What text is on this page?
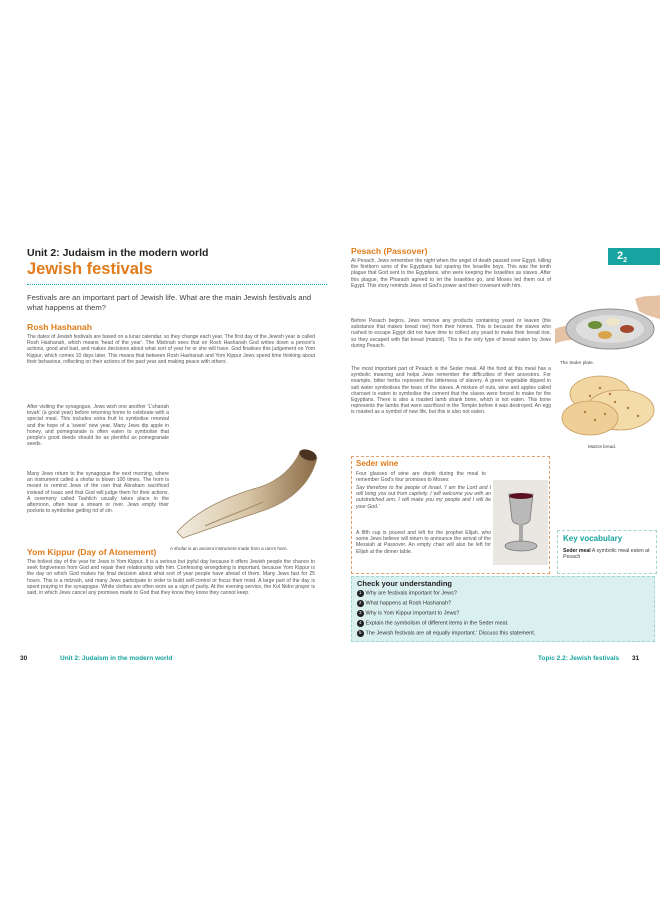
Unit 2: Judaism in the modern world
Jewish festivals
Festivals are an important part of Jewish life. What are the main Jewish festivals and what happens at them?
Rosh Hashanah
The dates of Jewish festivals are based on a lunar calendar, so they change each year. The first day of the Jewish year is called Rosh Hashanah, which means 'head of the year'. The Mishnah sees that on Rosh Hashanah God writes down a person's actions, good and bad, and makes decisions about what sort of year he or she will have. God finalises this judgement on Yom Kippur, which comes 10 days later. This means that between Rosh Hashanah and Yom Kippur Jews spend time thinking about their behaviour, reflecting on their actions of the past year and making peace with others.
After visiting the synagogue, Jews wish one another 'L'shanah tovah' (a good year) before returning home to celebrate with a special meal. This includes extra fruit to symbolise renewal and the hope of a 'sweet' new year. Many Jews dip apple in honey, and pomegranate is often eaten to symbolise that people's good deeds should be as plentiful as pomegranate seeds.
Many Jews return to the synagogue the next morning, where an instrument called a shofar is blown 100 times. The horn is meant to remind Jews of the ram that Abraham sacrificed instead of Isaac and that God will judge them for their actions. A ceremony called Tashlich usually takes place in the afternoon, often near a stream or river. Jews empty their pockets to symbolise getting rid of sin.
A shofar is an ancient instrument made from a ram's horn.
Yom Kippur (Day of Atonement)
The holiest day of the year for Jews is Yom Kippur. It is a serious but joyful day because it offers Jewish people the chance to seek forgiveness from God and repair their relationship with him. Confessing wrongdoing is important, because Yom Kippur is the day on which God makes his final decision about what sort of year people have ahead of them. Many Jews fast for 25 hours. This is a mitzvah, and many Jews participate in order to build self-control or focus their mind. A large part of the day is spent praying in the synagogue. White clothes are often worn as a sign of purity. At the evening service, the Kol Nidre prayer is said, in which Jews cancel any promises made to God that they know they know they cannot keep.
30	Unit 2: Judaism in the modern world
$2_2$
Pesach (Passover)
At Pesach, Jews remember the night when the angel of death passed over Egypt, killing the firstborn sons of the Egyptians but sparing the Israelite boys. This was the tenth plague that God sent to the Egyptians, who were keeping the Israelites as slaves. After this plague, the Pharaoh agreed to let the Israelites go, and Moses led them out of Egypt. This story reminds Jews of God's power and their covenant with him.
Before Pesach begins, Jews remove any products containing yeast or leaven (the substance that makes bread rise) from their homes. This is because the slaves who rushed to escape Egypt did not have time to collect any yeast to make their bread rise, so they escaped with flat bread (matzot). This is the only type of bread eaten by Jews during Pesach.
The most important part of Pesach is the Seder meal. All the food at this meal has a symbolic meaning and helps Jews remember the difficulties of their ancestors. For example, bitter herbs represent the bitterness of slavery. A green vegetable dipped in salt water symbolises the tears of the slaves. A mixture of nuts, wine and apples called charoset is eaten to symbolise the cement that the slaves were forced to make for the Egyptians. There is also a roasted lamb shank bone, which is not eaten. This bone represents the lambs that were sacrificed in the Temple before it was destroyed. An egg is roasted as a symbol of new life, but this is also not eaten.
The Seder plate.
Matzot bread.
Seder wine
Four glasses of wine are drunk during the meal to remember God's four promises to Moses:
Say therefore to the people of Israel, 'I am the Lord and I will bring you out from captivity. I will welcome you with an outstretched arm, I will make you my people and I will be your God.'
A fifth cup is poured and left for the prophet Elijah, who some Jews believe will return to announce the arrival of the Messiah at Passover. An empty chair will also be left for Elijah at the dinner table.
Key vocabulary
Seder meal A symbolic meal eaten at Pesach
Check your understanding
1 Why are festivals important for Jews?
2 What happens at Rosh Hashanah?
3 Why is Yom Kippur important to Jews?
4 Explain the symbolism of different items in the Seder meal.
5 The Jewish festivals are all equally important.' Discuss this statement.
Topic 2.2: Jewish festivals 31
